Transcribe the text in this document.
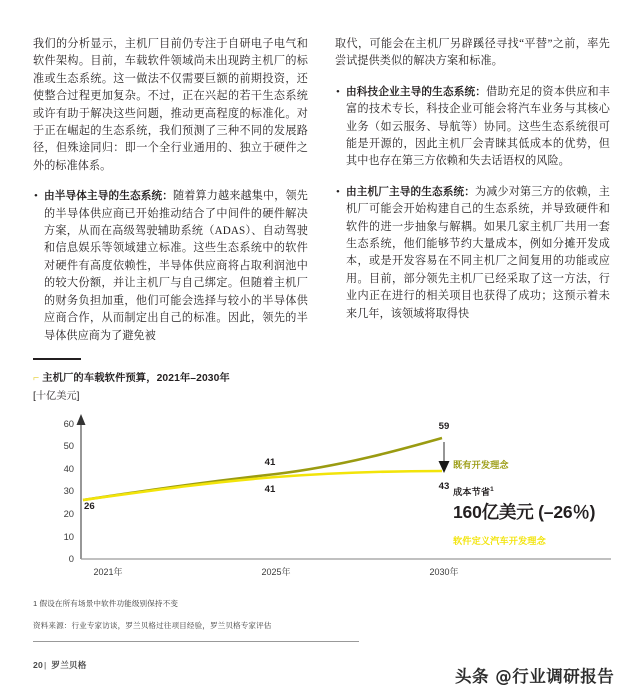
我们的分析显示，主机厂目前仍专注于自研电子电气和软件架构。目前，车载软件领域尚未出现跨主机厂的标准或生态系统。这一做法不仅需要巨额的前期投资，还使整合过程更加复杂。不过，正在兴起的若干生态系统或许有助于解决这些问题，推动更高程度的标准化。对于正在崛起的生态系统，我们预测了三种不同的发展路径，但殊途同归：即一个全行业通用的、独立于硬件之外的标准体系。

• 由半导体主导的生态系统：随着算力越来越集中，领先的半导体供应商已开始推动结合了中间件的硬件解决方案，从而在高级驾驶辅助系统（ADAS）、自动驾驶和信息娱乐等领域建立标准。这些生态系统中的软件对硬件有高度依赖性，半导体供应商将占取利润池中的较大份额，并让主机厂与自己绑定。但随着主机厂的财务负担加重，他们可能会选择与较小的半导体供应商合作，从而制定出自己的标准。因此，领先的半导体供应商为了避免被

取代，可能会在主机厂另辟蹊径寻找“平替”之前，率先尝试提供类似的解决方案和标准。

• 由科技企业主导的生态系统：借助充足的资本供应和丰富的技术专长，科技企业可能会将汽车业务与其核心业务（如云服务、导航等）协同。这些生态系统很可能是开源的，因此主机厂会青睐其低成本的优势，但其中也存在第三方依赖和失去话语权的风险。

• 由主机厂主导的生态系统：为减少对第三方的依赖，主机厂可能会开始构建自己的生态系统，并导致硬件和软件的进一步抽象与解耦。如果几家主机厂共用一套生态系统，他们能够节约大量成本，例如分摊开发成本，或是开发容易在不同主机厂之间复用的功能或应用。目前，部分领先主机厂已经采取了这一方法，行业内正在进行的相关项目也获得了成功；这预示着未来几年，该领域将取得快

⌐ 主机厂的车载软件预算，2021年–2030年
[十亿美元]
0
10
20
30
40
50
60
2021年	2025年	2030年
26
41
41
59
43
既有开发理念
成本节省$^1$
160亿美元 (–26％)
软件定义汽车开发理念
1 假设在所有场景中软件功能级别保持不变
资料来源：行业专家访谈，罗兰贝格过往项目经验，罗兰贝格专家评估
20| 罗兰贝格
头条 @行业调研报告
